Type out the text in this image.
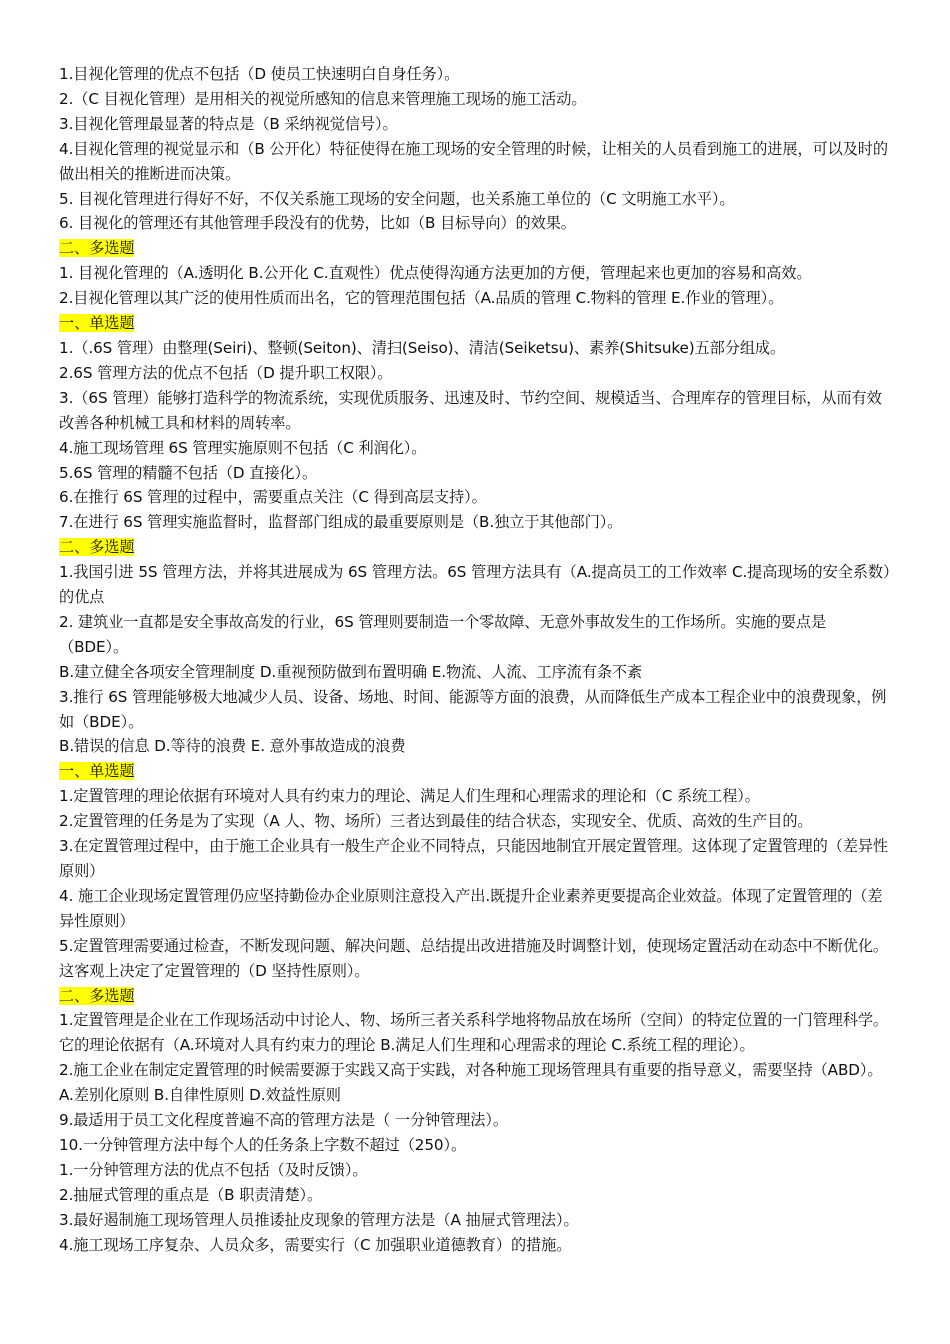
1.目视化管理的优点不包括（D 使员工快速明白自身任务）。
2.（C 目视化管理）是用相关的视觉所感知的信息来管理施工现场的施工活动。
3.目视化管理最显著的特点是（B 采纳视觉信号）。
4.目视化管理的视觉显示和（B 公开化）特征使得在施工现场的安全管理的时候，让相关的人员看到施工的进展，可以及时的做出相关的推断进而决策。
5. 目视化管理进行得好不好，不仅关系施工现场的安全问题，也关系施工单位的（C 文明施工水平）。
6. 目视化的管理还有其他管理手段没有的优势，比如（B 目标导向）的效果。
二、多选题
1. 目视化管理的（A.透明化 B.公开化 C.直观性）优点使得沟通方法更加的方便，管理起来也更加的容易和高效。
2.目视化管理以其广泛的使用性质而出名，它的管理范围包括（A.品质的管理 C.物料的管理 E.作业的管理）。
一、单选题
1.（.6S 管理）由整理(Seiri)、整顿(Seiton)、清扫(Seiso)、清洁(Seiketsu)、素养(Shitsuke)五部分组成。
2.6S 管理方法的优点不包括（D 提升职工权限）。
3.（6S 管理）能够打造科学的物流系统，实现优质服务、迅速及时、节约空间、规模适当、合理库存的管理目标，从而有效改善各种机械工具和材料的周转率。
4.施工现场管理 6S 管理实施原则不包括（C 利润化）。
5.6S 管理的精髓不包括（D 直接化）。
6.在推行 6S 管理的过程中，需要重点关注（C 得到高层支持）。
7.在进行 6S 管理实施监督时，监督部门组成的最重要原则是（B.独立于其他部门）。
二、多选题
1.我国引进 5S 管理方法，并将其进展成为 6S 管理方法。6S 管理方法具有（A.提高员工的工作效率 C.提高现场的安全系数）的优点
2. 建筑业一直都是安全事故高发的行业，6S 管理则要制造一个零故障、无意外事故发生的工作场所。实施的要点是（BDE）。
B.建立健全各项安全管理制度 D.重视预防做到布置明确 E.物流、人流、工序流有条不紊
3.推行 6S 管理能够极大地减少人员、设备、场地、时间、能源等方面的浪费，从而降低生产成本工程企业中的浪费现象，例如（BDE）。
B.错误的信息 D.等待的浪费 E. 意外事故造成的浪费
一、单选题
1.定置管理的理论依据有环境对人具有约束力的理论、满足人们生理和心理需求的理论和（C 系统工程）。
2.定置管理的任务是为了实现（A 人、物、场所）三者达到最佳的结合状态，实现安全、优质、高效的生产目的。
3.在定置管理过程中，由于施工企业具有一般生产企业不同特点，只能因地制宜开展定置管理。这体现了定置管理的（差异性原则）
4. 施工企业现场定置管理仍应坚持勤俭办企业原则注意投入产出.既提升企业素养更要提高企业效益。体现了定置管理的（差异性原则）
5.定置管理需要通过检查，不断发现问题、解决问题、总结提出改进措施及时调整计划，使现场定置活动在动态中不断优化。这客观上决定了定置管理的（D 坚持性原则）。
二、多选题
1.定置管理是企业在工作现场活动中讨论人、物、场所三者关系科学地将物品放在场所（空间）的特定位置的一门管理科学。它的理论依据有（A.环境对人具有约束力的理论 B.满足人们生理和心理需求的理论 C.系统工程的理论）。
2.施工企业在制定定置管理的时候需要源于实践又高于实践，对各种施工现场管理具有重要的指导意义，需要坚持（ABD）。A.差别化原则 B.自律性原则 D.效益性原则
9.最适用于员工文化程度普遍不高的管理方法是（ 一分钟管理法）。
10.一分钟管理方法中每个人的任务条上字数不超过（250）。
1.一分钟管理方法的优点不包括（及时反馈）。
2.抽屉式管理的重点是（B 职责清楚）。
3.最好遏制施工现场管理人员推诿扯皮现象的管理方法是（A 抽屉式管理法）。
4.施工现场工序复杂、人员众多，需要实行（C 加强职业道德教育）的措施。
